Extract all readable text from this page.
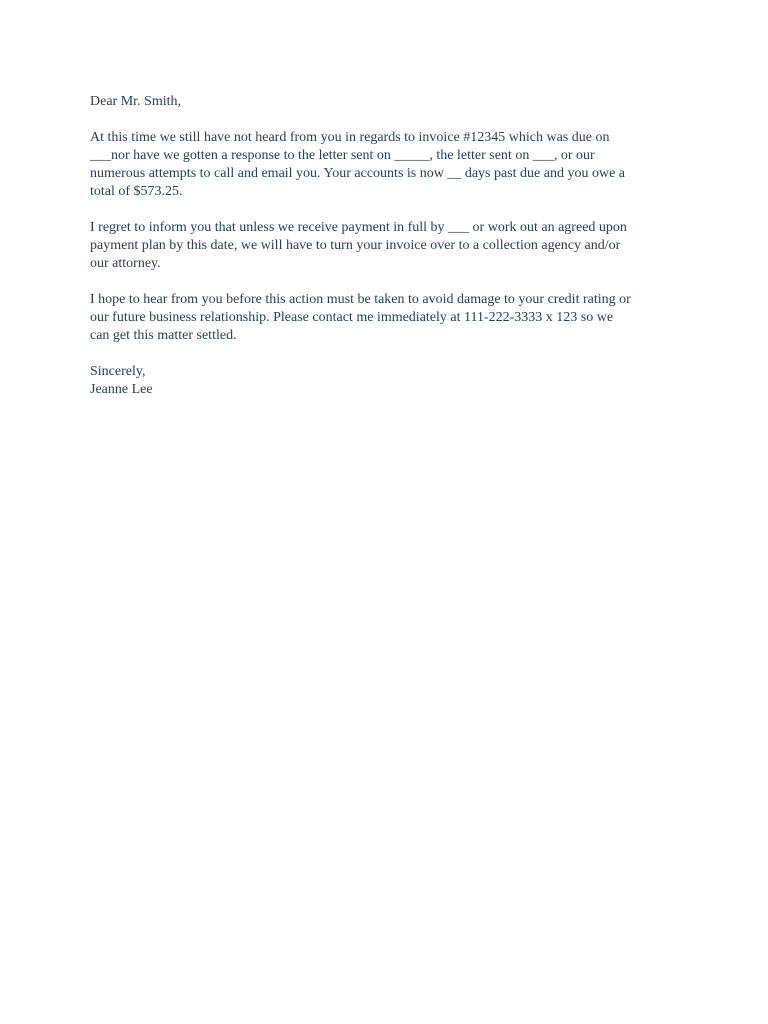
Dear Mr. Smith,

At this time we still have not heard from you in regards to invoice #12345 which was due on
___nor have we gotten a response to the letter sent on _____, the letter sent on ___, or our
numerous attempts to call and email you. Your accounts is now __ days past due and you owe a
total of $573.25.

I regret to inform you that unless we receive payment in full by ___ or work out an agreed upon
payment plan by this date, we will have to turn your invoice over to a collection agency and/or
our attorney.

I hope to hear from you before this action must be taken to avoid damage to your credit rating or
our future business relationship. Please contact me immediately at 111-222-3333 x 123 so we
can get this matter settled.

Sincerely,
Jeanne Lee
